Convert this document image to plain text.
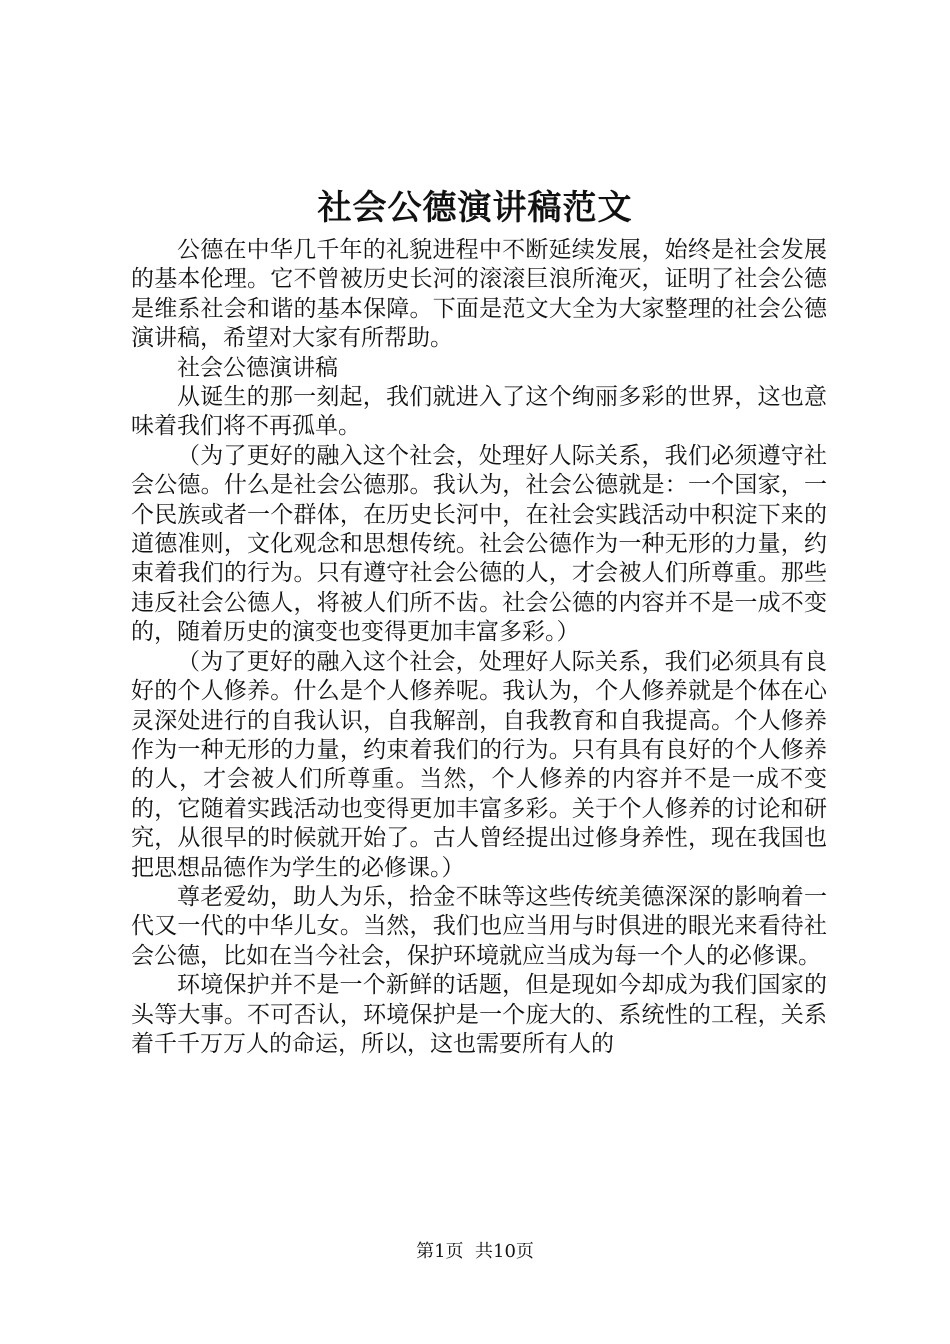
社会公德演讲稿范文

公德在中华几千年的礼貌进程中不断延续发展，始终是社会发展的基本伦理。它不曾被历史长河的滚滚巨浪所淹灭，证明了社会公德是维系社会和谐的基本保障。下面是范文大全为大家整理的社会公德演讲稿，希望对大家有所帮助。

社会公德演讲稿

从诞生的那一刻起，我们就进入了这个绚丽多彩的世界，这也意味着我们将不再孤单。

（为了更好的融入这个社会，处理好人际关系，我们必须遵守社会公德。什么是社会公德那。我认为，社会公德就是：一个国家，一个民族或者一个群体，在历史长河中，在社会实践活动中积淀下来的道德准则，文化观念和思想传统。社会公德作为一种无形的力量，约束着我们的行为。只有遵守社会公德的人，才会被人们所尊重。那些违反社会公德人，将被人们所不齿。社会公德的内容并不是一成不变的，随着历史的演变也变得更加丰富多彩。）

（为了更好的融入这个社会，处理好人际关系，我们必须具有良好的个人修养。什么是个人修养呢。我认为，个人修养就是个体在心灵深处进行的自我认识，自我解剖，自我教育和自我提高。个人修养作为一种无形的力量，约束着我们的行为。只有具有良好的个人修养的人，才会被人们所尊重。当然，个人修养的内容并不是一成不变的，它随着实践活动也变得更加丰富多彩。关于个人修养的讨论和研究，从很早的时候就开始了。古人曾经提出过修身养性，现在我国也把思想品德作为学生的必修课。）

尊老爱幼，助人为乐，拾金不昧等这些传统美德深深的影响着一代又一代的中华儿女。当然，我们也应当用与时俱进的眼光来看待社会公德，比如在当今社会，保护环境就应当成为每一个人的必修课。

环境保护并不是一个新鲜的话题，但是现如今却成为我们国家的头等大事。不可否认，环境保护是一个庞大的、系统性的工程，关系着千千万万人的命运，所以，这也需要所有人的

第1页 共10页
